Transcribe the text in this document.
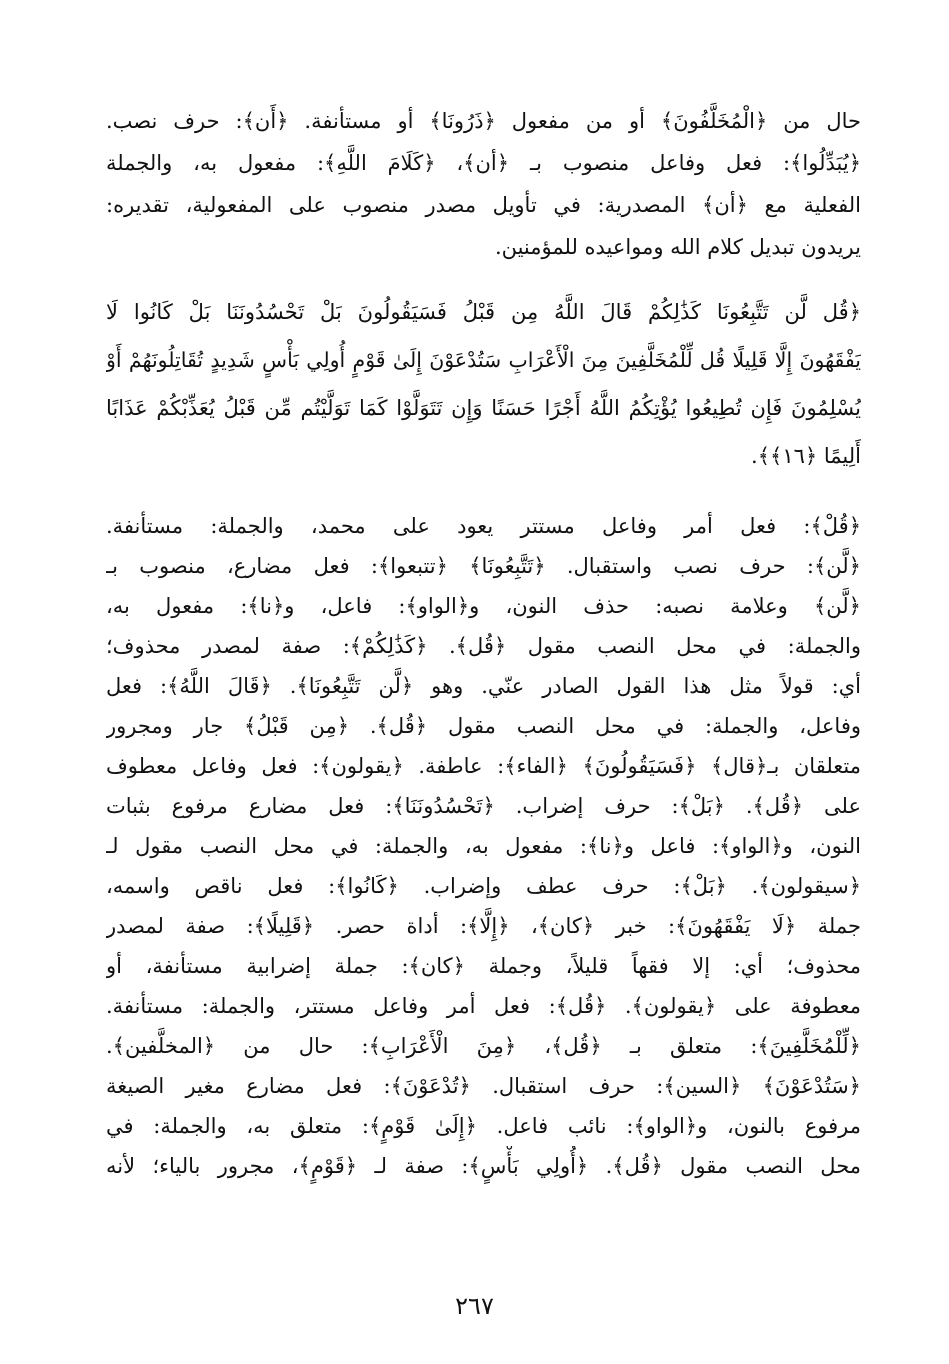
حال من ﴿الْمُخَلَّفُونَ﴾ أو من مفعول ﴿ذَرُونَا﴾ أو مستأنفة. ﴿أَن﴾: حرف نصب.
﴿يُبَدِّلُوا﴾: فعل وفاعل منصوب بـ ﴿أن﴾، ﴿كَلَامَ اللَّهِ﴾: مفعول به، والجملة
الفعلية مع ﴿أن﴾ المصدرية: في تأويل مصدر منصوب على المفعولية، تقديره:
يريدون تبديل كلام الله ومواعيده للمؤمنين.
﴿قُل لَّن تَتَّبِعُونَا كَذَٰلِكُمْ قَالَ اللَّهُ مِن قَبْلُ فَسَيَقُولُونَ بَلْ تَحْسُدُونَنَا بَلْ كَانُوا لَا
يَفْقَهُونَ إِلَّا قَلِيلًا قُل لِّلْمُخَلَّفِينَ مِنَ الْأَعْرَابِ سَتُدْعَوْنَ إِلَىٰ قَوْمٍ أُولِي بَأْسٍ شَدِيدٍ تُقَاتِلُونَهُمْ أَوْ
يُسْلِمُونَ فَإِن تُطِيعُوا يُؤْتِكُمُ اللَّهُ أَجْرًا حَسَنًا وَإِن تَتَوَلَّوْا كَمَا تَوَلَّيْتُم مِّن قَبْلُ يُعَذِّبْكُمْ عَذَابًا
أَلِيمًا ﴿١٦﴾﴾.
﴿قُلْ﴾: فعل أمر وفاعل مستتر يعود على محمد، والجملة: مستأنفة.
﴿لَّن﴾: حرف نصب واستقبال. ﴿تَتَّبِعُونَا﴾ ﴿تتبعوا﴾: فعل مضارع، منصوب بـ
﴿لَّن﴾ وعلامة نصبه: حذف النون، و﴿الواو﴾: فاعل، و﴿نا﴾: مفعول به،
والجملة: في محل النصب مقول ﴿قُل﴾. ﴿كَذَٰلِكُمْ﴾: صفة لمصدر محذوف؛
أي: قولاً مثل هذا القول الصادر عنّي. وهو ﴿لَّن تَتَّبِعُونَا﴾. ﴿قَالَ اللَّهُ﴾: فعل
وفاعل، والجملة: في محل النصب مقول ﴿قُل﴾. ﴿مِن قَبْلُ﴾ جار ومجرور
متعلقان بـ﴿قال﴾ ﴿فَسَيَقُولُونَ﴾ ﴿الفاء﴾: عاطفة. ﴿يقولون﴾: فعل وفاعل معطوف
على ﴿قُل﴾. ﴿بَلْ﴾: حرف إضراب. ﴿تَحْسُدُونَنَا﴾: فعل مضارع مرفوع بثبات
النون، و﴿الواو﴾: فاعل و﴿نا﴾: مفعول به، والجملة: في محل النصب مقول لـ
﴿سيقولون﴾. ﴿بَلْ﴾: حرف عطف وإضراب. ﴿كَانُوا﴾: فعل ناقص واسمه،
جملة ﴿لَا يَفْقَهُونَ﴾: خبر ﴿كان﴾، ﴿إِلَّا﴾: أداة حصر. ﴿قَلِيلًا﴾: صفة لمصدر
محذوف؛ أي: إلا فقهاً قليلاً، وجملة ﴿كان﴾: جملة إضرابية مستأنفة، أو
معطوفة على ﴿يقولون﴾. ﴿قُل﴾: فعل أمر وفاعل مستتر، والجملة: مستأنفة.
﴿لِّلْمُخَلَّفِينَ﴾: متعلق بـ ﴿قُل﴾، ﴿مِنَ الْأَعْرَابِ﴾: حال من ﴿المخلَّفين﴾.
﴿سَتُدْعَوْنَ﴾ ﴿السين﴾: حرف استقبال. ﴿تُدْعَوْنَ﴾: فعل مضارع مغير الصيغة
مرفوع بالنون، و﴿الواو﴾: نائب فاعل. ﴿إِلَىٰ قَوْمٍ﴾: متعلق به، والجملة: في
محل النصب مقول ﴿قُل﴾. ﴿أُولِي بَأْسٍ﴾: صفة لـ ﴿قَوْمٍ﴾، مجرور بالياء؛ لأنه
٢٦٧
